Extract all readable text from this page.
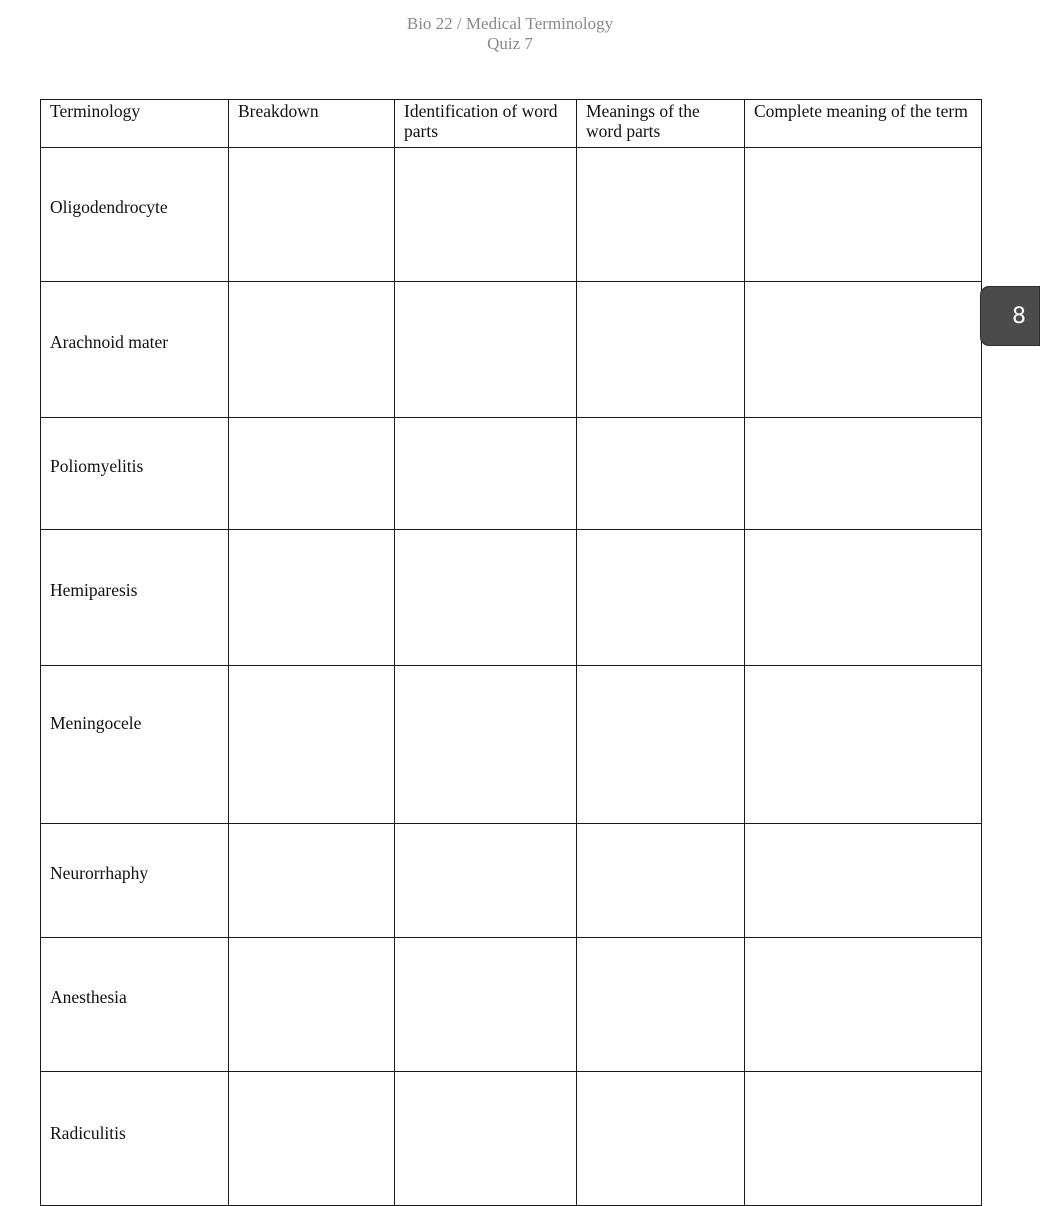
Bio 22 / Medical Terminology
Quiz 7
Terminology	Breakdown	Identification of word parts	Meanings of the word parts	Complete meaning of the term
Oligodendrocyte				
Arachnoid mater				
Poliomyelitis				
Hemiparesis				
Meningocele				
Neurorrhaphy				
Anesthesia				
Radiculitis				
8
